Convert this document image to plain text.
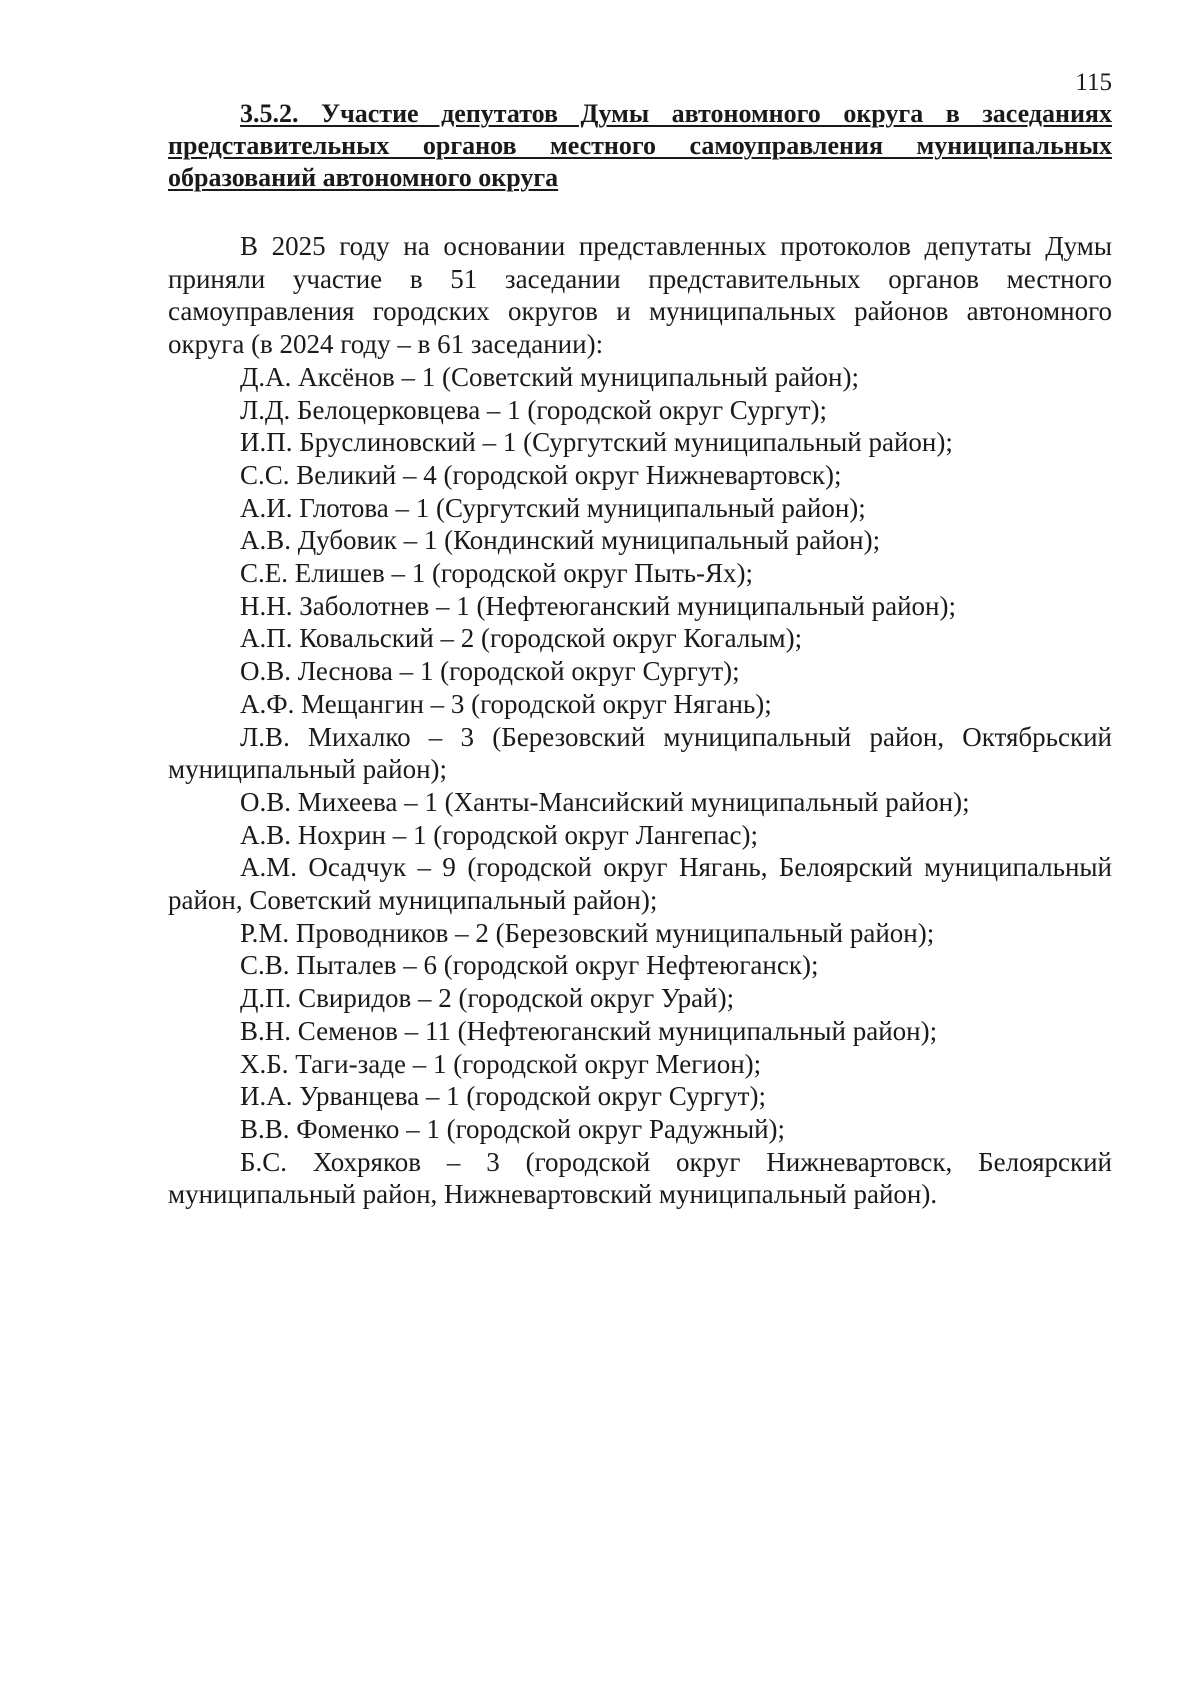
115

3.5.2. Участие депутатов Думы автономного округа в заседаниях представительных органов местного самоуправления муниципальных образований автономного округа

В 2025 году на основании представленных протоколов депутаты Думы приняли участие в 51 заседании представительных органов местного самоуправления городских округов и муниципальных районов автономного округа (в 2024 году – в 61 заседании):

Д.А. Аксёнов – 1 (Советский муниципальный район);
Л.Д. Белоцерковцева – 1 (городской округ Сургут);
И.П. Бруслиновский – 1 (Сургутский муниципальный район);
С.С. Великий – 4 (городской округ Нижневартовск);
А.И. Глотова – 1 (Сургутский муниципальный район);
А.В. Дубовик – 1 (Кондинский муниципальный район);
С.Е. Елишев – 1 (городской округ Пыть-Ях);
Н.Н. Заболотнев – 1 (Нефтеюганский муниципальный район);
А.П. Ковальский – 2 (городской округ Когалым);
О.В. Леснова – 1 (городской округ Сургут);
А.Ф. Мещангин – 3 (городской округ Нягань);
Л.В. Михалко – 3 (Березовский муниципальный район, Октябрьский муниципальный район);
О.В. Михеева – 1 (Ханты-Мансийский муниципальный район);
А.В. Нохрин – 1 (городской округ Лангепас);
А.М. Осадчук – 9 (городской округ Нягань, Белоярский муниципальный район, Советский муниципальный район);
Р.М. Проводников – 2 (Березовский муниципальный район);
С.В. Пыталев – 6 (городской округ Нефтеюганск);
Д.П. Свиридов – 2 (городской округ Урай);
В.Н. Семенов – 11 (Нефтеюганский муниципальный район);
Х.Б. Таги-заде – 1 (городской округ Мегион);
И.А. Урванцева – 1 (городской округ Сургут);
В.В. Фоменко – 1 (городской округ Радужный);
Б.С. Хохряков – 3 (городской округ Нижневартовск, Белоярский муниципальный район, Нижневартовский муниципальный район).
